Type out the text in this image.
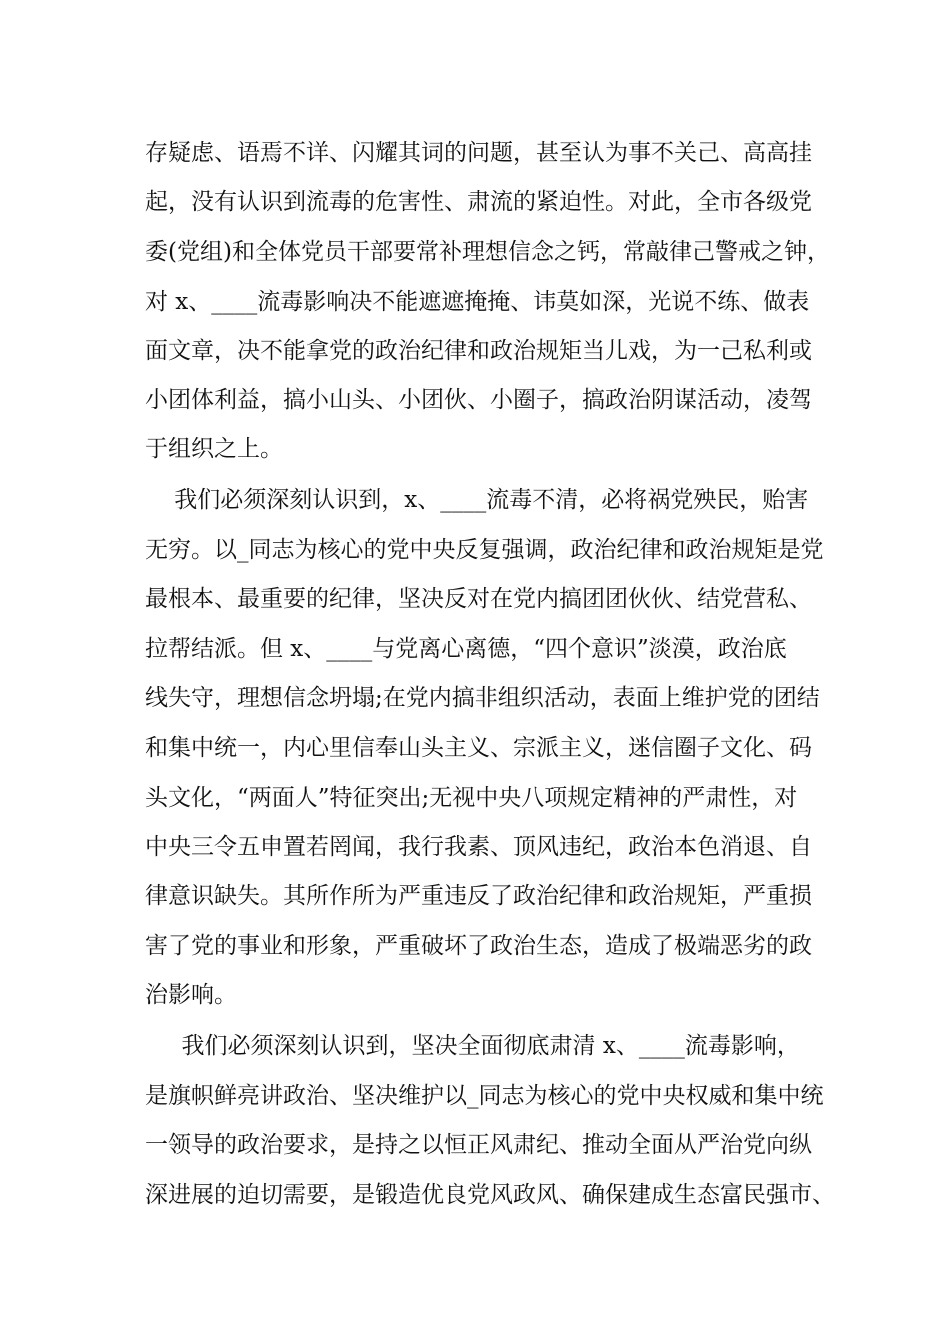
存疑虑、语焉不详、闪耀其词的问题，甚至认为事不关己、高高挂
起，没有认识到流毒的危害性、肃流的紧迫性。对此，全市各级党
委(党组)和全体党员干部要常补理想信念之钙，常敲律己警戒之钟，
对 x、____流毒影响决不能遮遮掩掩、讳莫如深，光说不练、做表
面文章，决不能拿党的政治纪律和政治规矩当儿戏，为一己私利或
小团体利益，搞小山头、小团伙、小圈子，搞政治阴谋活动，凌驾
于组织之上。
我们必须深刻认识到，x、____流毒不清，必将祸党殃民，贻害
无穷。以_同志为核心的党中央反复强调，政治纪律和政治规矩是党
最根本、最重要的纪律，坚决反对在党内搞团团伙伙、结党营私、
拉帮结派。但 x、____与党离心离德，“四个意识”淡漠，政治底
线失守，理想信念坍塌;在党内搞非组织活动，表面上维护党的团结
和集中统一，内心里信奉山头主义、宗派主义，迷信圈子文化、码
头文化，“两面人”特征突出;无视中央八项规定精神的严肃性，对
中央三令五申置若罔闻，我行我素、顶风违纪，政治本色消退、自
律意识缺失。其所作所为严重违反了政治纪律和政治规矩，严重损
害了党的事业和形象，严重破坏了政治生态，造成了极端恶劣的政
治影响。
我们必须深刻认识到，坚决全面彻底肃清 x、____流毒影响，
是旗帜鲜亮讲政治、坚决维护以_同志为核心的党中央权威和集中统
一领导的政治要求，是持之以恒正风肃纪、推动全面从严治党向纵
深进展的迫切需要，是锻造优良党风政风、确保建成生态富民强市、
